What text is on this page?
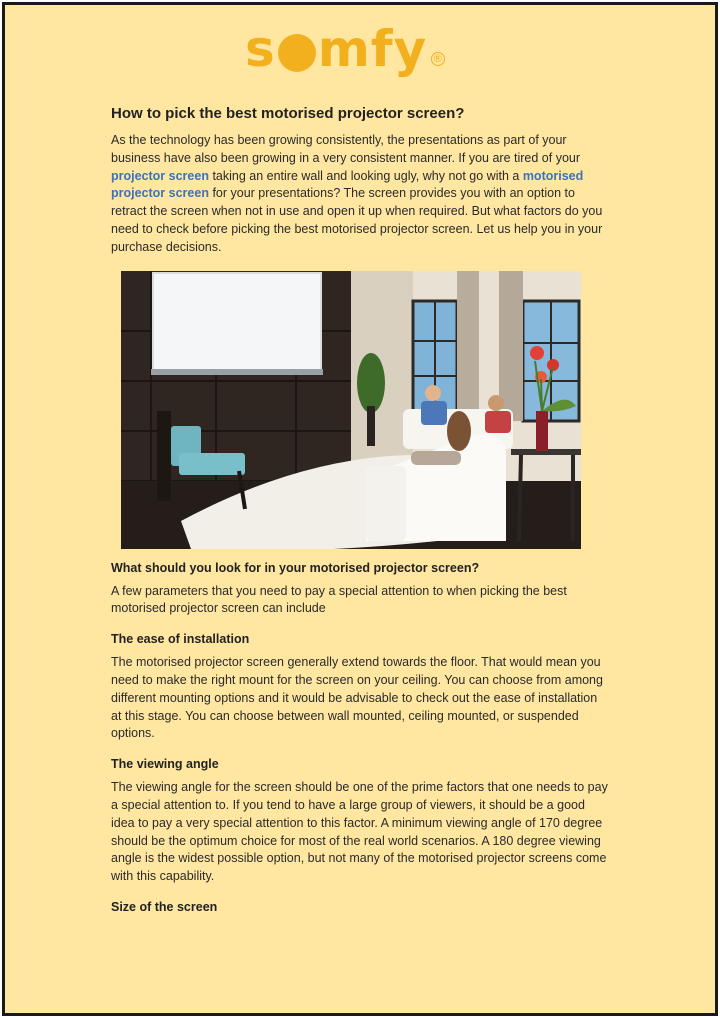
s mfy ®
How to pick the best motorised projector screen?

As the technology has been growing consistently, the presentations as part of your business have also been growing in a very consistent manner. If you are tired of your projector screen taking an entire wall and looking ugly, why not go with a motorised projector screen for your presentations? The screen provides you with an option to retract the screen when not in use and open it up when required. But what factors do you need to check before picking the best motorised projector screen. Let us help you in your purchase decisions.

What should you look for in your motorised projector screen?

A few parameters that you need to pay a special attention to when picking the best motorised projector screen can include

The ease of installation

The motorised projector screen generally extend towards the floor. That would mean you need to make the right mount for the screen on your ceiling. You can choose from among different mounting options and it would be advisable to check out the ease of installation at this stage. You can choose between wall mounted, ceiling mounted, or suspended options.

The viewing angle

The viewing angle for the screen should be one of the prime factors that one needs to pay a special attention to. If you tend to have a large group of viewers, it should be a good idea to pay a very special attention to this factor. A minimum viewing angle of 170 degree should be the optimum choice for most of the real world scenarios. A 180 degree viewing angle is the widest possible option, but not many of the motorised projector screens come with this capability.

Size of the screen
